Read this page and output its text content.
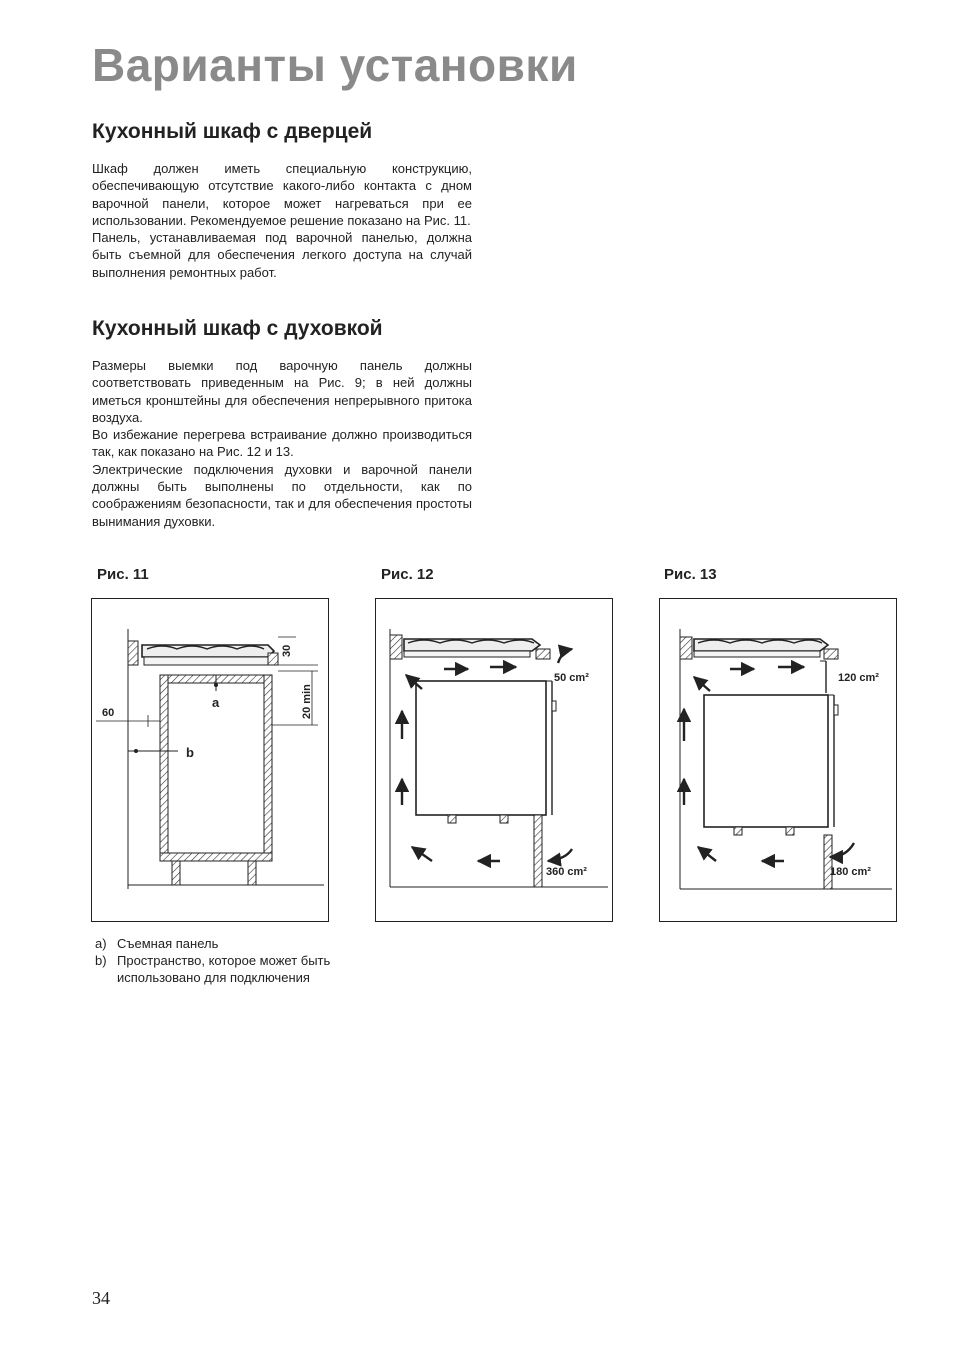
Варианты установки
Кухонный шкаф с дверцей

Шкаф должен иметь специальную конструкцию, обеспечивающую отсутствие какого-либо контакта с дном варочной панели, которое может нагреваться при ее использовании. Рекомендуемое решение показано на Рис. 11.

Панель, устанавливаемая под варочной панелью, должна быть съемной для обеспечения легкого доступа на случай выполнения ремонтных работ.

Кухонный шкаф с духовкой

Размеры выемки под варочную панель должны соответствовать приведенным на Рис. 9; в ней должны иметься кронштейны для обеспечения непрерывного притока воздуха.

Во избежание перегрева встраивание должно производиться так, как показано на Рис. 12 и 13.

Электрические подключения духовки и варочной панели должны быть выполнены по отдельности, как по соображениям безопасности, так и для обеспечения простоты вынимания духовки.

Рис. 11	Рис. 12	Рис. 13
30
20 min
a
60
b
50 cm²
360 cm²
120 cm²
180 cm²
a) Съемная панель
b) Пространство, которое может быть использовано для подключения
34
